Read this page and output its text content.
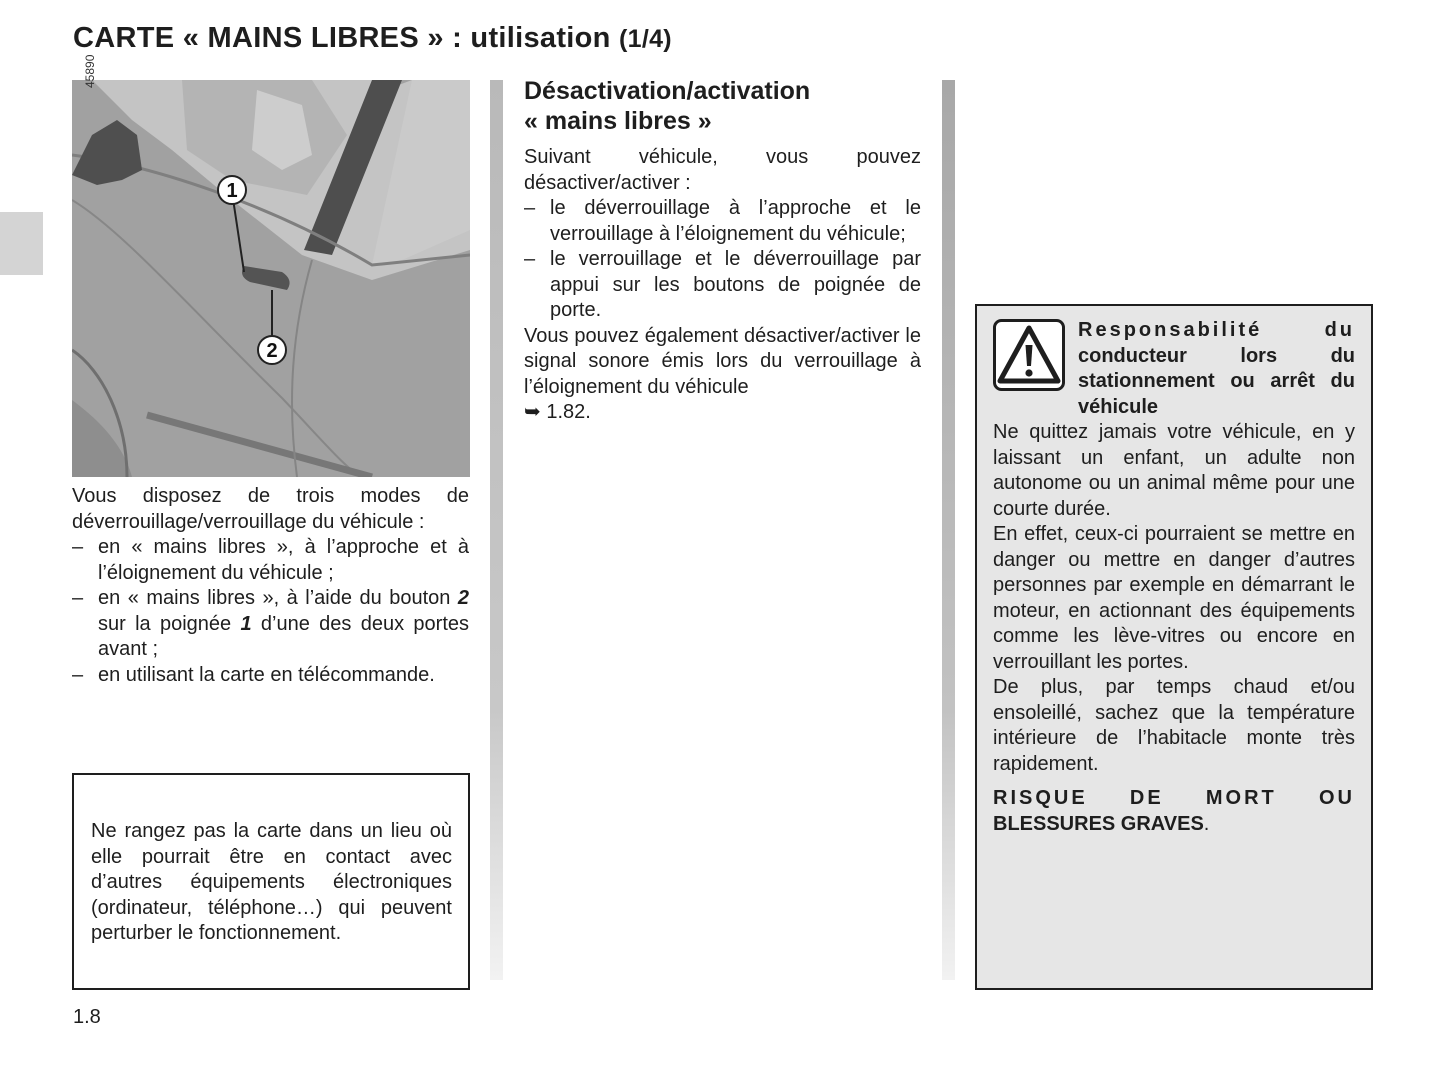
CARTE « MAINS LIBRES » : utilisation (1/4)
1
2
45890

Vous disposez de trois modes de déverrouillage/verrouillage du véhicule :

– en « mains libres », à l’approche et à l’éloignement du véhicule ;
– en « mains libres », à l’aide du bouton 2 sur la poignée 1 d’une des deux portes avant ;
– en utilisant la carte en télécommande.

Ne rangez pas la carte dans un lieu où elle pourrait être en contact avec d’autres équipements électroniques (ordinateur, téléphone…) qui peuvent perturber le fonctionnement.

Désactivation/activation
« mains libres »

Suivant véhicule, vous pouvez désactiver/activer :

– le déverrouillage à l’approche et le verrouillage à l’éloignement du véhicule;
– le verrouillage et le déverrouillage par appui sur les boutons de poignée de porte.

Vous pouvez également désactiver/activer le signal sonore émis lors du verrouillage à l’éloignement du véhicule
➥ 1.82.

Responsabilité du conducteur lors du stationnement ou arrêt du véhicule

Ne quittez jamais votre véhicule, en y laissant un enfant, un adulte non autonome ou un animal même pour une courte durée.

En effet, ceux-ci pourraient se mettre en danger ou mettre en danger d’autres personnes par exemple en démarrant le moteur, en actionnant des équipements comme les lève-vitres ou encore en verrouillant les portes.

De plus, par temps chaud et/ou ensoleillé, sachez que la température intérieure de l’habitacle monte très rapidement.

RISQUE DE MORT OU BLESSURES GRAVES.

1.8
